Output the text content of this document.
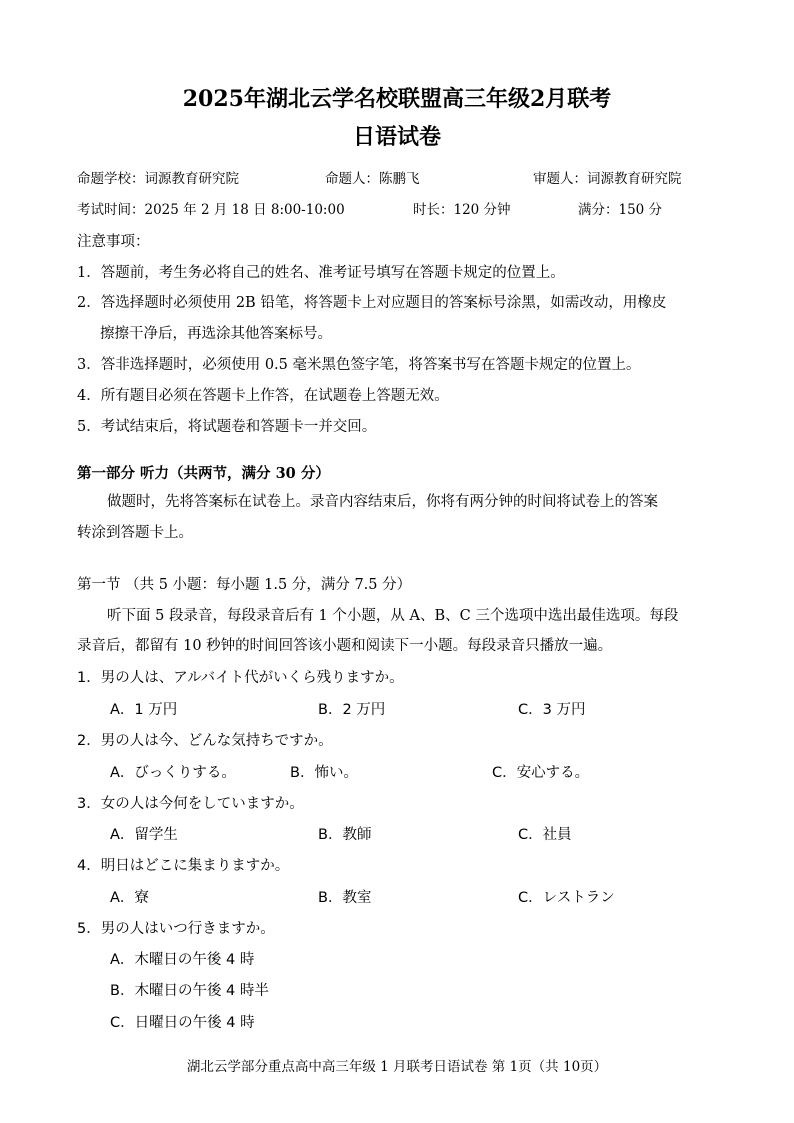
2025年湖北云学名校联盟高三年级2月联考
日语试卷
命题学校：词源教育研究院	命题人：陈鹏飞	审题人：词源教育研究院
考试时间：2025 年 2 月 18 日 8:00-10:00	时长：120 分钟	满分：150 分
注意事项：
1．答题前，考生务必将自己的姓名、准考证号填写在答题卡规定的位置上。
2．答选择题时必须使用 2B 铅笔，将答题卡上对应题目的答案标号涂黑，如需改动，用橡皮
擦擦干净后，再选涂其他答案标号。
3．答非选择题时，必须使用 0.5 毫米黑色签字笔，将答案书写在答题卡规定的位置上。
4．所有题目必须在答题卡上作答，在试题卷上答题无效。
5．考试结束后，将试题卷和答题卡一并交回。
第一部分 听力（共两节，满分 30 分）
做题时，先将答案标在试卷上。录音内容结束后，你将有两分钟的时间将试卷上的答案
转涂到答题卡上。
第一节 （共 5 小题：每小题 1.5 分，满分 7.5 分）
听下面 5 段录音，每段录音后有 1 个小题，从 A、B、C 三个选项中选出最佳选项。每段
录音后，都留有 10 秒钟的时间回答该小题和阅读下一小题。每段录音只播放一遍。
1．男の人は、アルバイト代がいくら残りますか。
A．1 万円	B．2 万円	C．3 万円
2．男の人は今、どんな気持ちですか。
A．びっくりする。	B．怖い。	C．安心する。
3．女の人は今何をしていますか。
A．留学生	B．教師	C．社員
4．明日はどこに集まりますか。
A．寮	B．教室	C．レストラン
5．男の人はいつ行きますか。
A．木曜日の午後 4 時
B．木曜日の午後 4 時半
C．日曜日の午後 4 時
湖北云学部分重点高中高三年级 1 月联考日语试卷 第 1页（共 10页）
